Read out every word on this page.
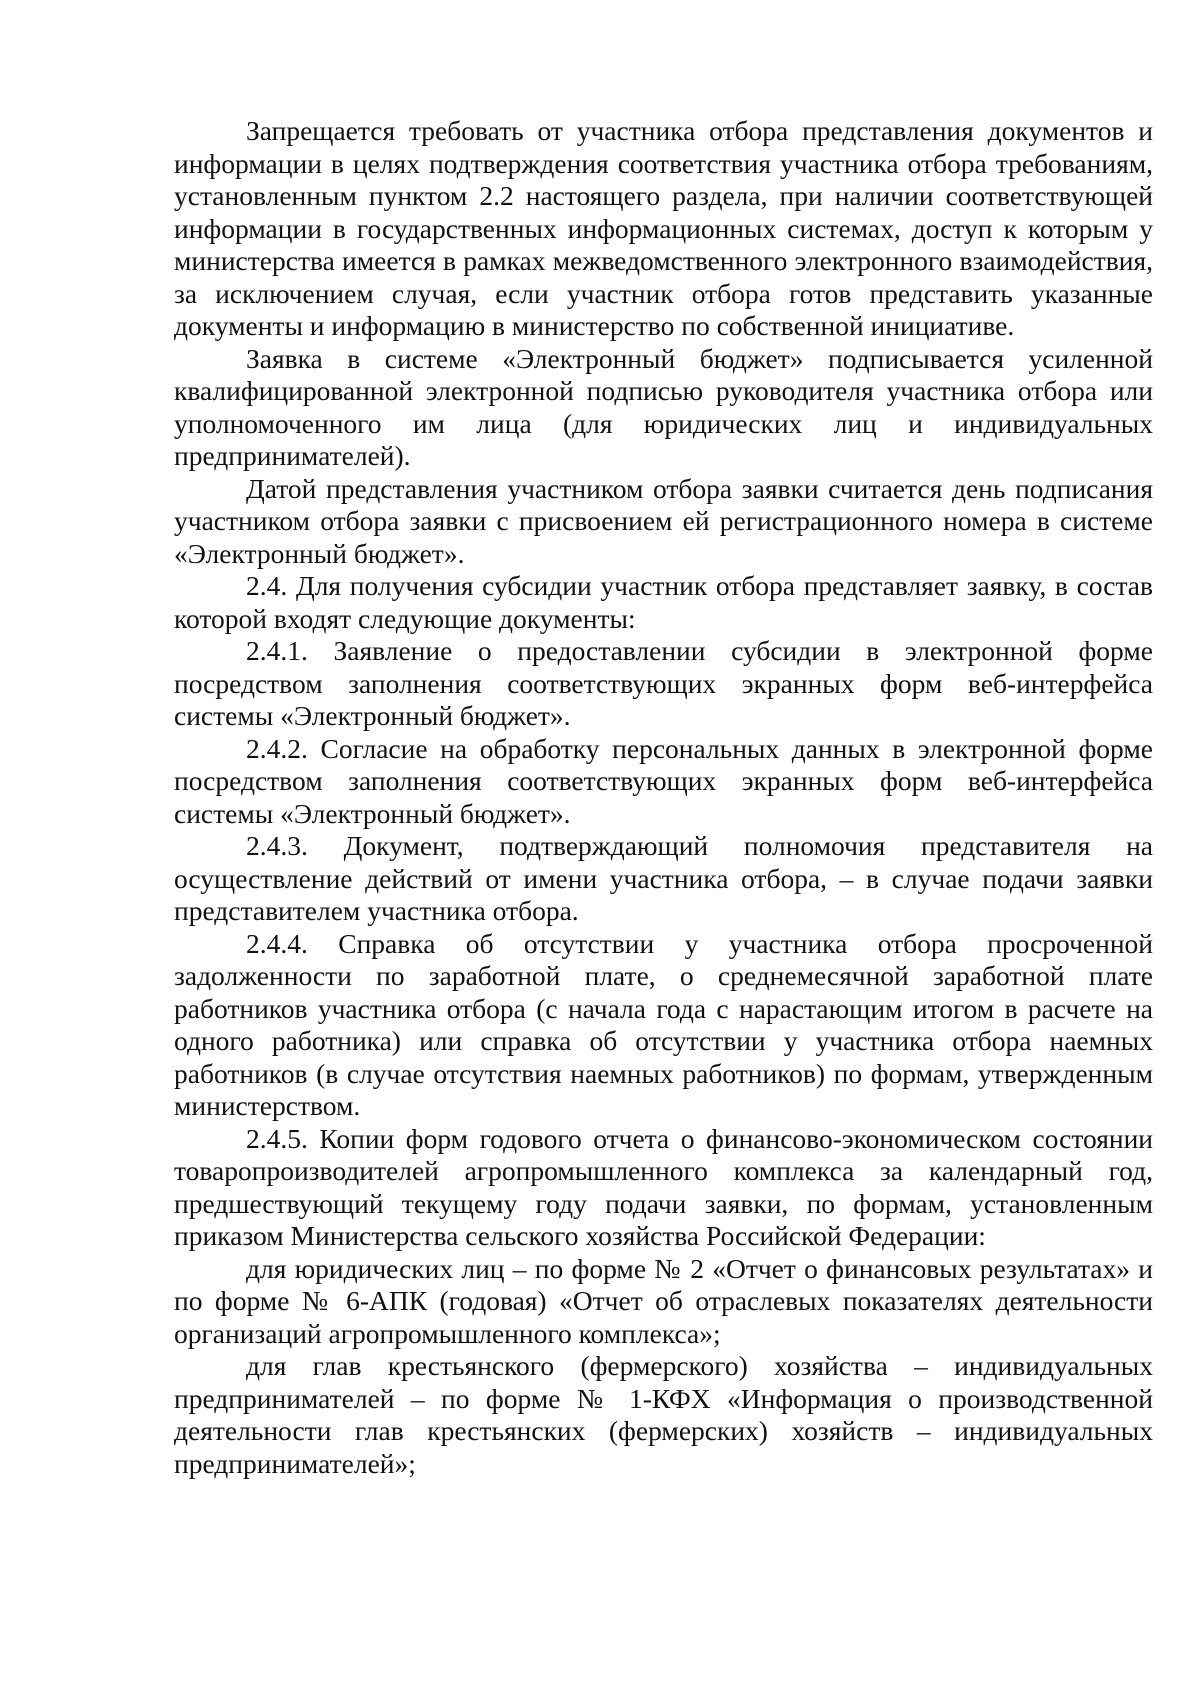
Запрещается требовать от участника отбора представления документов и информации в целях подтверждения соответствия участника отбора требованиям, установленным пунктом 2.2 настоящего раздела, при наличии соответствующей информации в государственных информационных системах, доступ к которым у министерства имеется в рамках межведомственного электронного взаимодействия, за исключением случая, если участник отбора готов представить указанные документы и информацию в министерство по собственной инициативе.

Заявка в системе «Электронный бюджет» подписывается усиленной квалифицированной электронной подписью руководителя участника отбора или уполномоченного им лица (для юридических лиц и индивидуальных предпринимателей).

Датой представления участником отбора заявки считается день подписания участником отбора заявки с присвоением ей регистрационного номера в системе «Электронный бюджет».

2.4. Для получения субсидии участник отбора представляет заявку, в состав которой входят следующие документы:

2.4.1. Заявление о предоставлении субсидии в электронной форме посредством заполнения соответствующих экранных форм веб-интерфейса системы «Электронный бюджет».

2.4.2. Согласие на обработку персональных данных в электронной форме посредством заполнения соответствующих экранных форм веб-интерфейса системы «Электронный бюджет».

2.4.3. Документ, подтверждающий полномочия представителя на осуществление действий от имени участника отбора, – в случае подачи заявки представителем участника отбора.

2.4.4. Справка об отсутствии у участника отбора просроченной задолженности по заработной плате, о среднемесячной заработной плате работников участника отбора (с начала года с нарастающим итогом в расчете на одного работника) или справка об отсутствии у участника отбора наемных работников (в случае отсутствия наемных работников) по формам, утвержденным министерством.

2.4.5. Копии форм годового отчета о финансово-экономическом состоянии товаропроизводителей агропромышленного комплекса за календарный год, предшествующий текущему году подачи заявки, по формам, установленным приказом Министерства сельского хозяйства Российской Федерации:

для юридических лиц – по форме № 2 «Отчет о финансовых результатах» и по форме № 6-АПК (годовая) «Отчет об отраслевых показателях деятельности организаций агропромышленного комплекса»;

для глав крестьянского (фермерского) хозяйства – индивидуальных предпринимателей – по форме № 1-КФХ «Информация о производственной деятельности глав крестьянских (фермерских) хозяйств – индивидуальных предпринимателей»;
